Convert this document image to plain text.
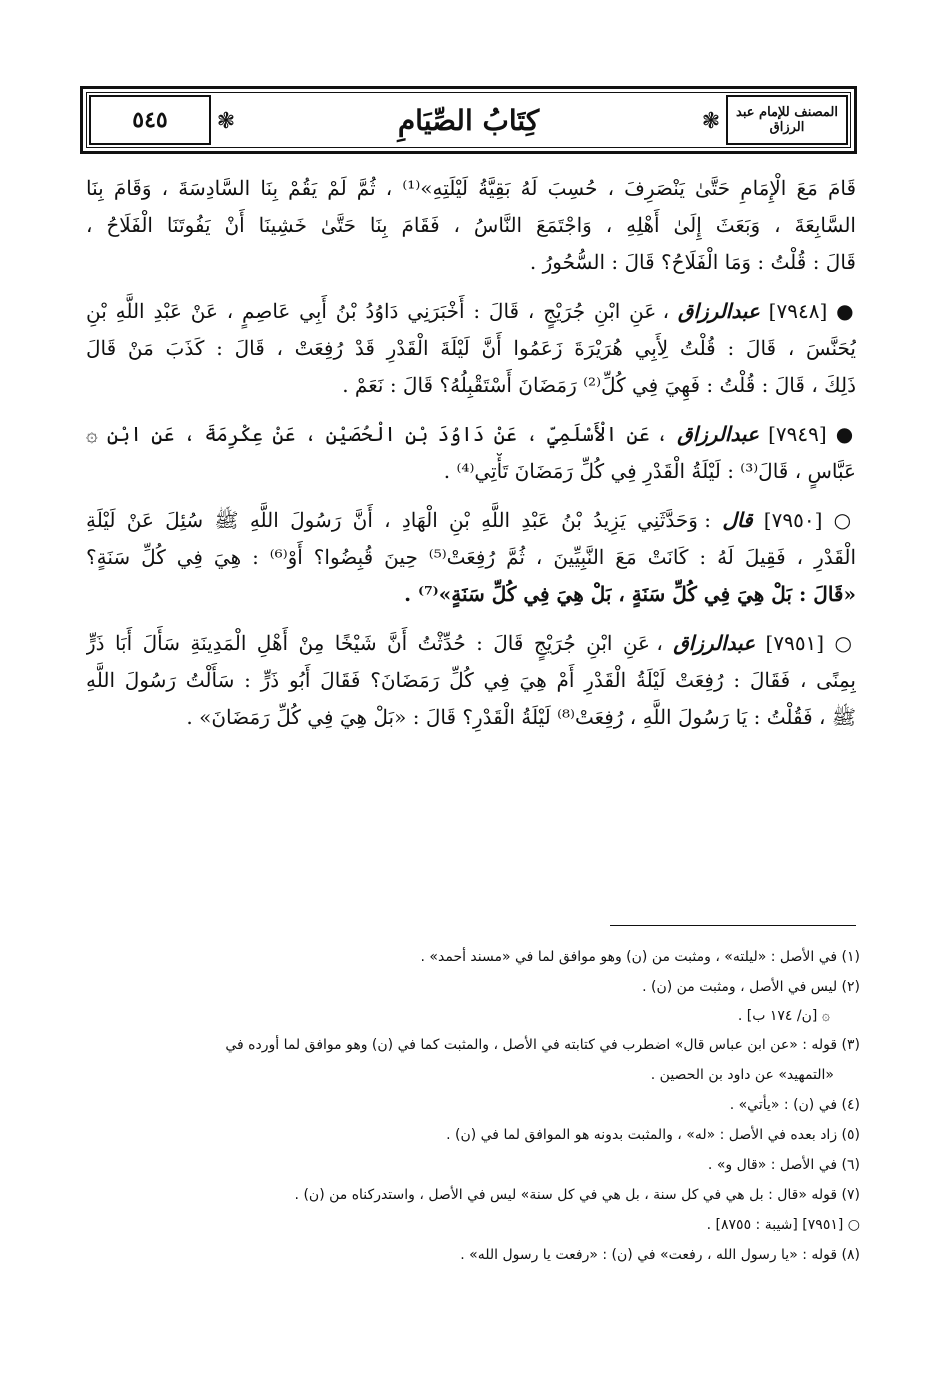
٥٤٥ ❃	كِتَابُ الصِّيَامِ	❃	المصنف للإمام عبد الرزاق
قَامَ مَعَ الْإِمَامِ حَتَّىٰ يَنْصَرِفَ ، حُسِبَ لَهُ بَقِيَّةُ لَيْلَتِهِ»⁽¹⁾ ، ثُمَّ لَمْ يَقُمْ بِنَا السَّادِسَةَ ، وَقَامَ بِنَا
السَّابِعَةَ ، وَبَعَثَ إِلَىٰ أَهْلِهِ ، وَاجْتَمَعَ النَّاسُ ، فَقَامَ بِنَا حَتَّىٰ خَشِينَا أَنْ يَفُوتَنَا الْفَلَاحُ ،
قَالَ : قُلْتُ : وَمَا الْفَلَاحُ؟ قَالَ : السُّحُورُ .
● [٧٩٤٨] عبدالرزاق ، عَنِ ابْنِ جُرَيْجٍ ، قَالَ : أَخْبَرَنِي دَاوُدُ بْنُ أَبِي عَاصِمٍ ، عَنْ عَبْدِ اللَّهِ بْنِ
يُحَنَّسَ ، قَالَ : قُلْتُ لِأَبِي هُرَيْرَةَ زَعَمُوا أَنَّ لَيْلَةَ الْقَدْرِ قَدْ رُفِعَتْ ، قَالَ : كَذَبَ مَنْ قَالَ
ذَلِكَ ، قَالَ : قُلْتُ : فَهِيَ فِي كُلِّ⁽²⁾ رَمَضَانَ أَسْتَقْبِلُهُ؟ قَالَ : نَعَمْ .
● [٧٩٤٩] عبدالرزاق ، عَنِ الْأَسْلَمِيِّ ، عَنْ دَاوُدَ بْنِ الْحُصَيْنِ ، عَنْ عِكْرِمَةَ ، عَنِ ابْنِ ۞
عَبَّاسٍ ، قَالَ⁽³⁾ : لَيْلَةُ الْقَدْرِ فِي كُلِّ رَمَضَانَ تَأْتِي⁽⁴⁾ .
○ [٧٩٥٠] قال : وَحَدَّثَنِي يَزِيدُ بْنُ عَبْدِ اللَّهِ بْنِ الْهَادِ ، أَنَّ رَسُولَ اللَّهِ ﷺ سُئِلَ عَنْ لَيْلَةِ
الْقَدْرِ ، فَقِيلَ لَهُ : كَانَتْ مَعَ النَّبِيِّينَ ، ثُمَّ رُفِعَتْ⁽⁵⁾ حِينَ قُبِضُوا؟ أَوْ⁽⁶⁾ : هِيَ فِي كُلِّ سَنَةٍ؟
«قَالَ : بَلْ هِيَ فِي كُلِّ سَنَةٍ ، بَلْ هِيَ فِي كُلِّ سَنَةٍ»⁽⁷⁾ .
○ [٧٩٥١] عبدالرزاق ، عَنِ ابْنِ جُرَيْجٍ قَالَ : حُدِّثْتُ أَنَّ شَيْخًا مِنْ أَهْلِ الْمَدِينَةِ سَأَلَ أَبَا ذَرٍّ
بِمِنًى ، فَقَالَ : رُفِعَتْ لَيْلَةُ الْقَدْرِ أَمْ هِيَ فِي كُلِّ رَمَضَانَ؟ فَقَالَ أَبُو ذَرٍّ : سَأَلْتُ رَسُولَ اللَّهِ
ﷺ ، فَقُلْتُ : يَا رَسُولَ اللَّهِ ، رُفِعَتْ⁽⁸⁾ لَيْلَةُ الْقَدْرِ؟ قَالَ : «بَلْ هِيَ فِي كُلِّ رَمَضَانَ» .
(١) في الأصل : «ليلته» ، ومثبت من (ن) وهو موافق لما في «مسند أحمد» .
(٢) ليس في الأصل ، ومثبت من (ن) .
۞ [ن/ ١٧٤ ب] .
(٣) قوله : «عن ابن عباس قال» اضطرب في كتابته في الأصل ، والمثبت كما في (ن) وهو موافق لما أورده في
«التمهيد» عن داود بن الحصين .
(٤) في (ن) : «يأتي» .
(٥) زاد بعده في الأصل : «له» ، والمثبت بدونه هو الموافق لما في (ن) .
(٦) في الأصل : «قال و» .
(٧) قوله «قال : بل هي في كل سنة ، بل هي في كل سنة» ليس في الأصل ، واستدركناه من (ن) .
○ [٧٩٥١] [شيبة : ٨٧٥٥] .
(٨) قوله : «يا رسول الله ، رفعت» في (ن) : «رفعت يا رسول الله» .
